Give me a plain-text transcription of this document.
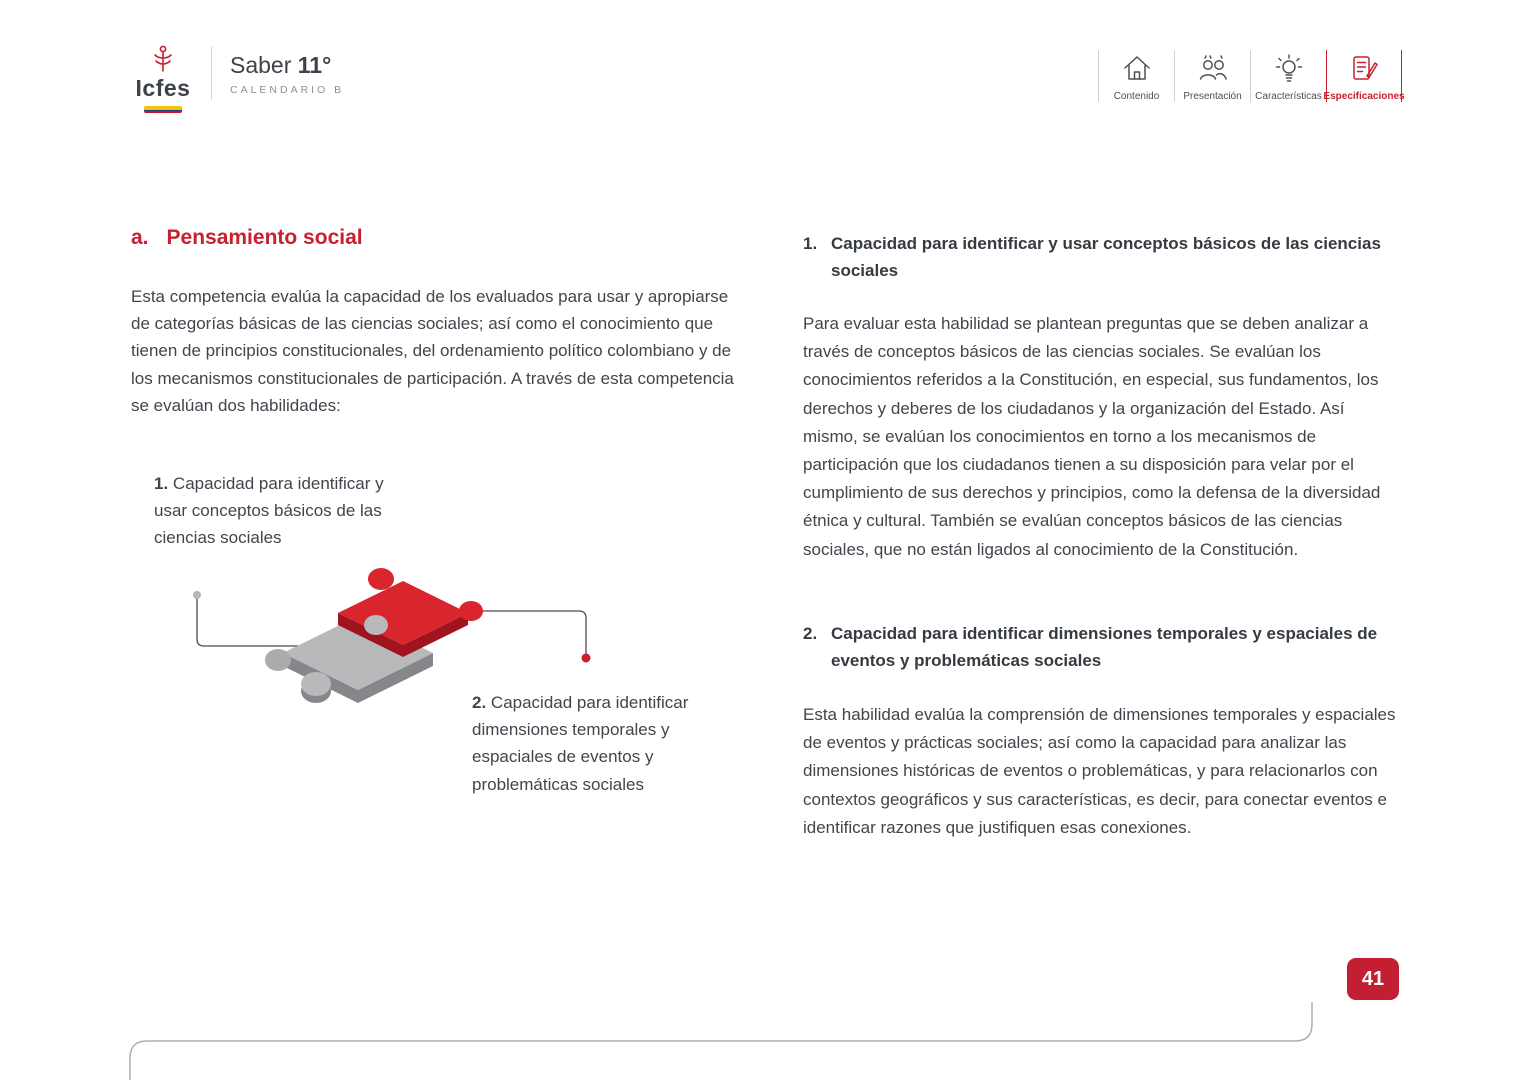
Icfes
Saber 11°
CALENDARIO B
Contenido Presentación Características Especificaciones
a. Pensamiento social

Esta competencia evalúa la capacidad de los evaluados para usar y apropiarse de categorías básicas de las ciencias sociales; así como el conocimiento que tienen de principios constitucionales, del ordenamiento político colombiano y de los mecanismos constitucionales de participación. A través de esta competencia se evalúan dos habilidades:

1. Capacidad para identificar y usar conceptos básicos de las ciencias sociales

2. Capacidad para identificar dimensiones temporales y espaciales de eventos y problemáticas sociales

1. Capacidad para identificar y usar conceptos básicos de las ciencias sociales

Para evaluar esta habilidad se plantean preguntas que se deben analizar a través de conceptos básicos de las ciencias sociales. Se evalúan los conocimientos referidos a la Constitución, en especial, sus fundamentos, los derechos y deberes de los ciudadanos y la organización del Estado. Así mismo, se evalúan los conocimientos en torno a los mecanismos de participación que los ciudadanos tienen a su disposición para velar por el cumplimiento de sus derechos y principios, como la defensa de la diversidad étnica y cultural. También se evalúan conceptos básicos de las ciencias sociales, que no están ligados al conocimiento de la Constitución.

2. Capacidad para identificar dimensiones temporales y espaciales de eventos y problemáticas sociales

Esta habilidad evalúa la comprensión de dimensiones temporales y espaciales de eventos y prácticas sociales; así como la capacidad para analizar las dimensiones históricas de eventos o problemáticas, y para relacionarlos con contextos geográficos y sus características, es decir, para conectar eventos e identificar razones que justifiquen esas conexiones.

41
